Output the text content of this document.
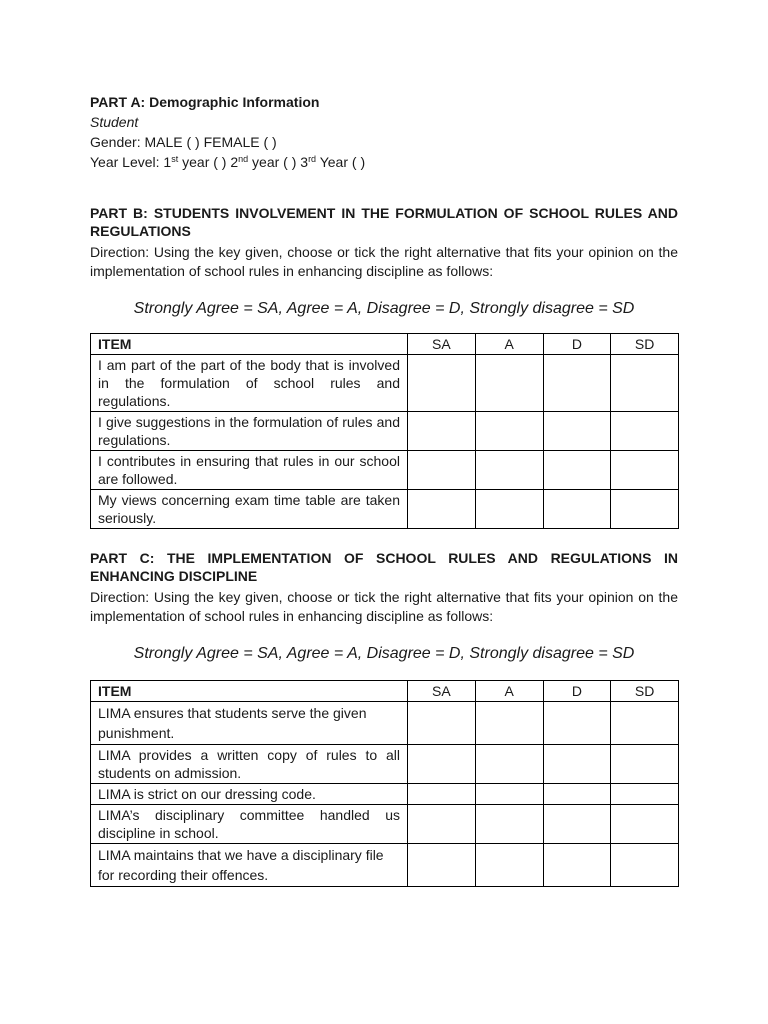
PART A: Demographic Information

Student

Gender: MALE ( ) FEMALE ( )

Year Level: 1st year ( ) 2nd year ( ) 3rd Year ( )

PART B: STUDENTS INVOLVEMENT IN THE FORMULATION OF SCHOOL RULES AND REGULATIONS

Direction: Using the key given, choose or tick the right alternative that fits your opinion on the implementation of school rules in enhancing discipline as follows:

Strongly Agree = SA, Agree = A, Disagree = D, Strongly disagree = SD

ITEM	SA	A	D	SD
I am part of the part of the body that is involved in the formulation of school rules and regulations.				
I give suggestions in the formulation of rules and regulations.				
I contributes in ensuring that rules in our school are followed.				
My views concerning exam time table are taken seriously.				

PART C: THE IMPLEMENTATION OF SCHOOL RULES AND REGULATIONS IN ENHANCING DISCIPLINE

Direction: Using the key given, choose or tick the right alternative that fits your opinion on the implementation of school rules in enhancing discipline as follows:

Strongly Agree = SA, Agree = A, Disagree = D, Strongly disagree = SD

ITEM	SA	A	D	SD
LIMA ensures that students serve the given punishment.				
LIMA provides a written copy of rules to all students on admission.				
LIMA is strict on our dressing code.				
LIMA’s disciplinary committee handled us discipline in school.				
LIMA maintains that we have a disciplinary file for recording their offences.				
